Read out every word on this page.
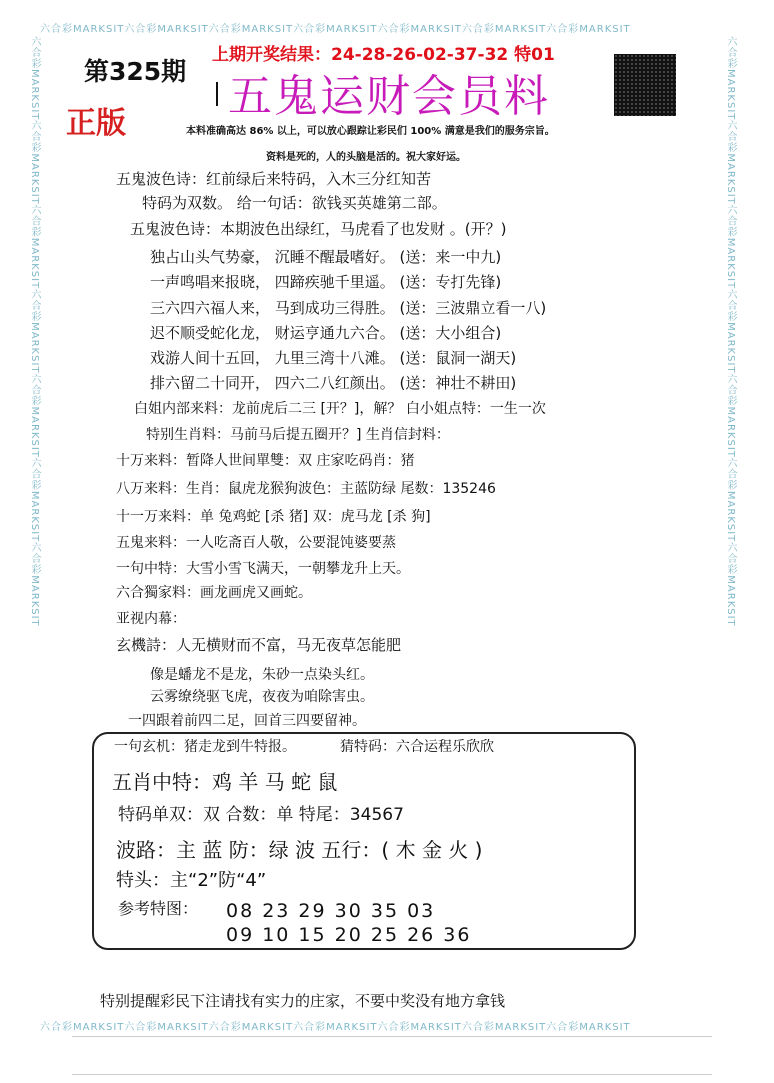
六合彩MARKSIT六合彩MARKSIT六合彩MARKSIT六合彩MARKSIT六合彩MARKSIT六合彩MARKSIT六合彩MARKSIT
六合彩MARKSIT六合彩MARKSIT六合彩MARKSIT六合彩MARKSIT六合彩MARKSIT六合彩MARKSIT六合彩MARKSIT
六合彩MARKSIT六合彩MARKSIT六合彩MARKSIT六合彩MARKSIT六合彩MARKSIT六合彩MARKSIT六合彩MARKSIT	六合彩MARKSIT六合彩MARKSIT六合彩MARKSIT六合彩MARKSIT六合彩MARKSIT六合彩MARKSIT六合彩MARKSIT
第325期
正版
上期开奖结果：24-28-26-02-37-32 特01
五鬼运财会员料
本料准确高达 86% 以上，可以放心跟踪让彩民们 100% 满意是我们的服务宗旨。
资料是死的，人的头脑是活的。祝大家好运。
五鬼波色诗：红前绿后来特码，入木三分红知苦
特码为双数。 给一句话：欲钱买英雄第二部。
五鬼波色诗：本期波色出绿红，马虎看了也发财 。(开？)
独占山头气势豪， 沉睡不醒最嗜好。 (送：来一中九)
一声鸣唱来报晓， 四蹄疾驰千里遥。 (送：专打先锋)
三六四六福人来， 马到成功三得胜。 (送：三波鼎立看一八)
迟不顺受蛇化龙， 财运亨通九六合。 (送：大小组合)
戏游人间十五回， 九里三湾十八滩。 (送：鼠洞一湖天)
排六留二十同开， 四六二八红颜出。 (送：神壮不耕田)
白姐内部来料：龙前虎后二三 [开？]，解？ 白小姐点特：一生一次
特别生肖料：马前马后提五圈开？] 生肖信封料：
十万来料：暂降人世间單雙：双 庄家吃码肖：猪
八万来料：生肖：鼠虎龙猴狗波色：主蓝防绿 尾数：135246
十一万来料：单 兔鸡蛇 [杀 猪] 双：虎马龙 [杀 狗]
五鬼来料：一人吃斋百人敬，公要混饨婆要蒸
一句中特：大雪小雪飞满天，一朝攀龙升上天。
六合獨家料：画龙画虎又画蛇。
亚视内幕：
玄機詩：人无横财而不富，马无夜草怎能肥
像是蟠龙不是龙，朱砂一点染头红。
云雾缭绕驱飞虎，夜夜为咱除害虫。
一四跟着前四二足，回首三四要留神。
一句玄机：猪走龙到牛特报。	猜特码：六合运程乐欣欣
五肖中特：鸡 羊 马 蛇 鼠
特码单双：双 合数：单 特尾：34567
波路：主 蓝 防：绿 波 五行：( 木 金 火 )
特头：主“2”防“4”
参考特图： 08 23 29 30 35 03
09 10 15 20 25 26 36
特别提醒彩民下注请找有实力的庄家，不要中奖没有地方拿钱
